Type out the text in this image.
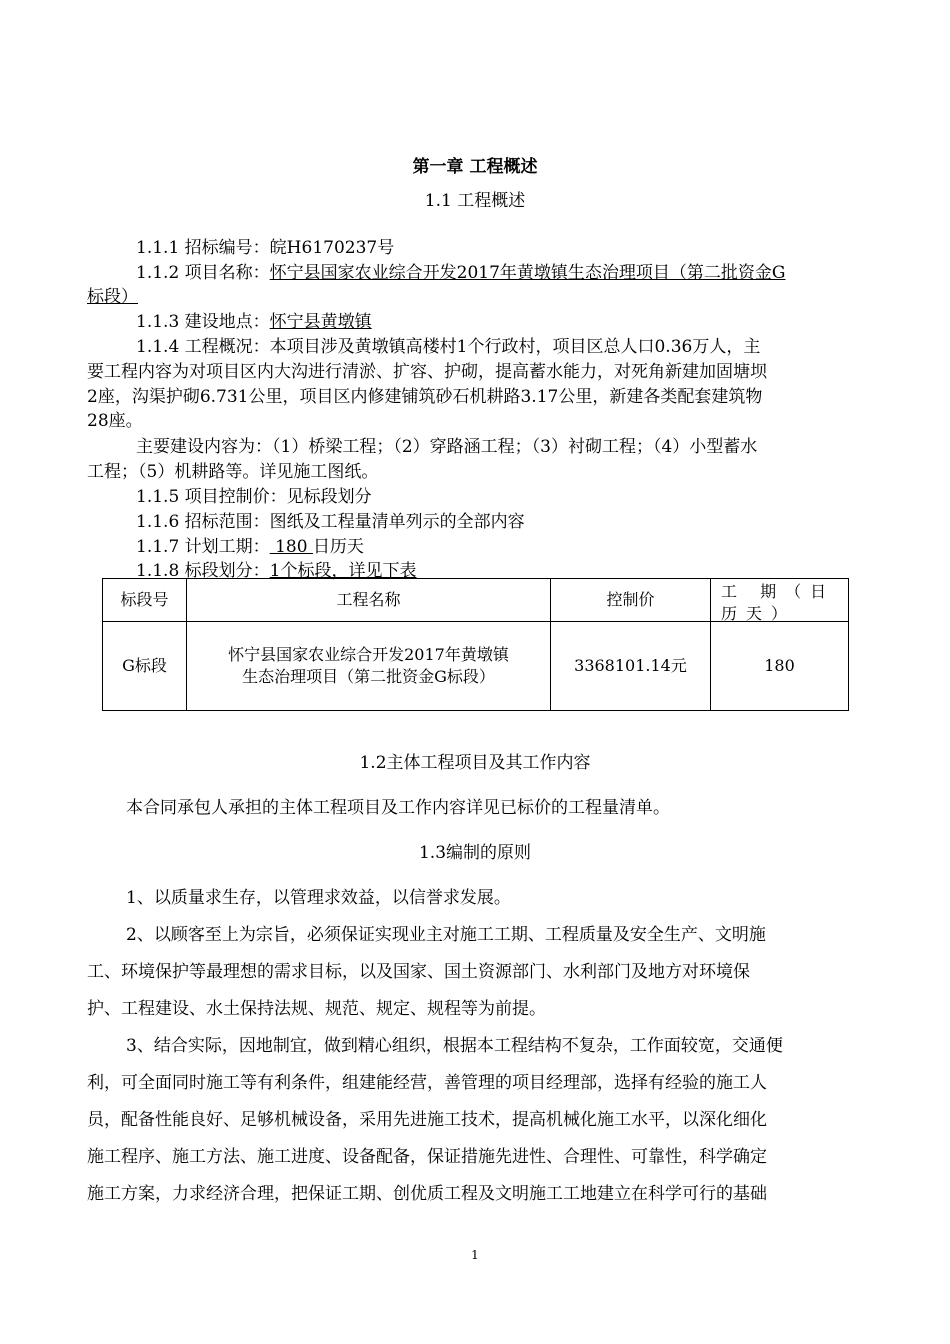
第一章 工程概述
1.1 工程概述
1.1.1 招标编号：皖H6170237号
1.1.2 项目名称：怀宁县国家农业综合开发2017年黄墩镇生态治理项目（第二批资金G
标段）
1.1.3 建设地点：怀宁县黄墩镇
1.1.4 工程概况：本项目涉及黄墩镇高楼村1个行政村，项目区总人口0.36万人，主
要工程内容为对项目区内大沟进行清淤、扩容、护砌，提高蓄水能力，对死角新建加固塘坝
2座，沟渠护砌6.731公里，项目区内修建铺筑砂石机耕路3.17公里，新建各类配套建筑物
28座。
主要建设内容为：（1）桥梁工程；（2）穿路涵工程；（3）衬砌工程；（4）小型蓄水
工程；（5）机耕路等。详见施工图纸。
1.1.5 项目控制价：见标段划分
1.1.6 招标范围：图纸及工程量清单列示的全部内容
1.1.7 计划工期： 180 日历天
1.1.8 标段划分：1个标段，详见下表
标段号	工程名称	控制价	工 期（日历天）

G标段	怀宁县国家农业综合开发2017年黄墩镇
生态治理项目（第二批资金G标段）	3368101.14元	180
1.2主体工程项目及其工作内容
本合同承包人承担的主体工程项目及工作内容详见已标价的工程量清单。
1.3编制的原则
1、以质量求生存，以管理求效益，以信誉求发展。
2、以顾客至上为宗旨，必须保证实现业主对施工工期、工程质量及安全生产、文明施
工、环境保护等最理想的需求目标，以及国家、国土资源部门、水利部门及地方对环境保
护、工程建设、水土保持法规、规范、规定、规程等为前提。
3、结合实际，因地制宜，做到精心组织，根据本工程结构不复杂，工作面较宽，交通便
利，可全面同时施工等有利条件，组建能经营，善管理的项目经理部，选择有经验的施工人
员，配备性能良好、足够机械设备，采用先进施工技术，提高机械化施工水平，以深化细化
施工程序、施工方法、施工进度、设备配备，保证措施先进性、合理性、可靠性，科学确定
施工方案，力求经济合理，把保证工期、创优质工程及文明施工工地建立在科学可行的基础
1
